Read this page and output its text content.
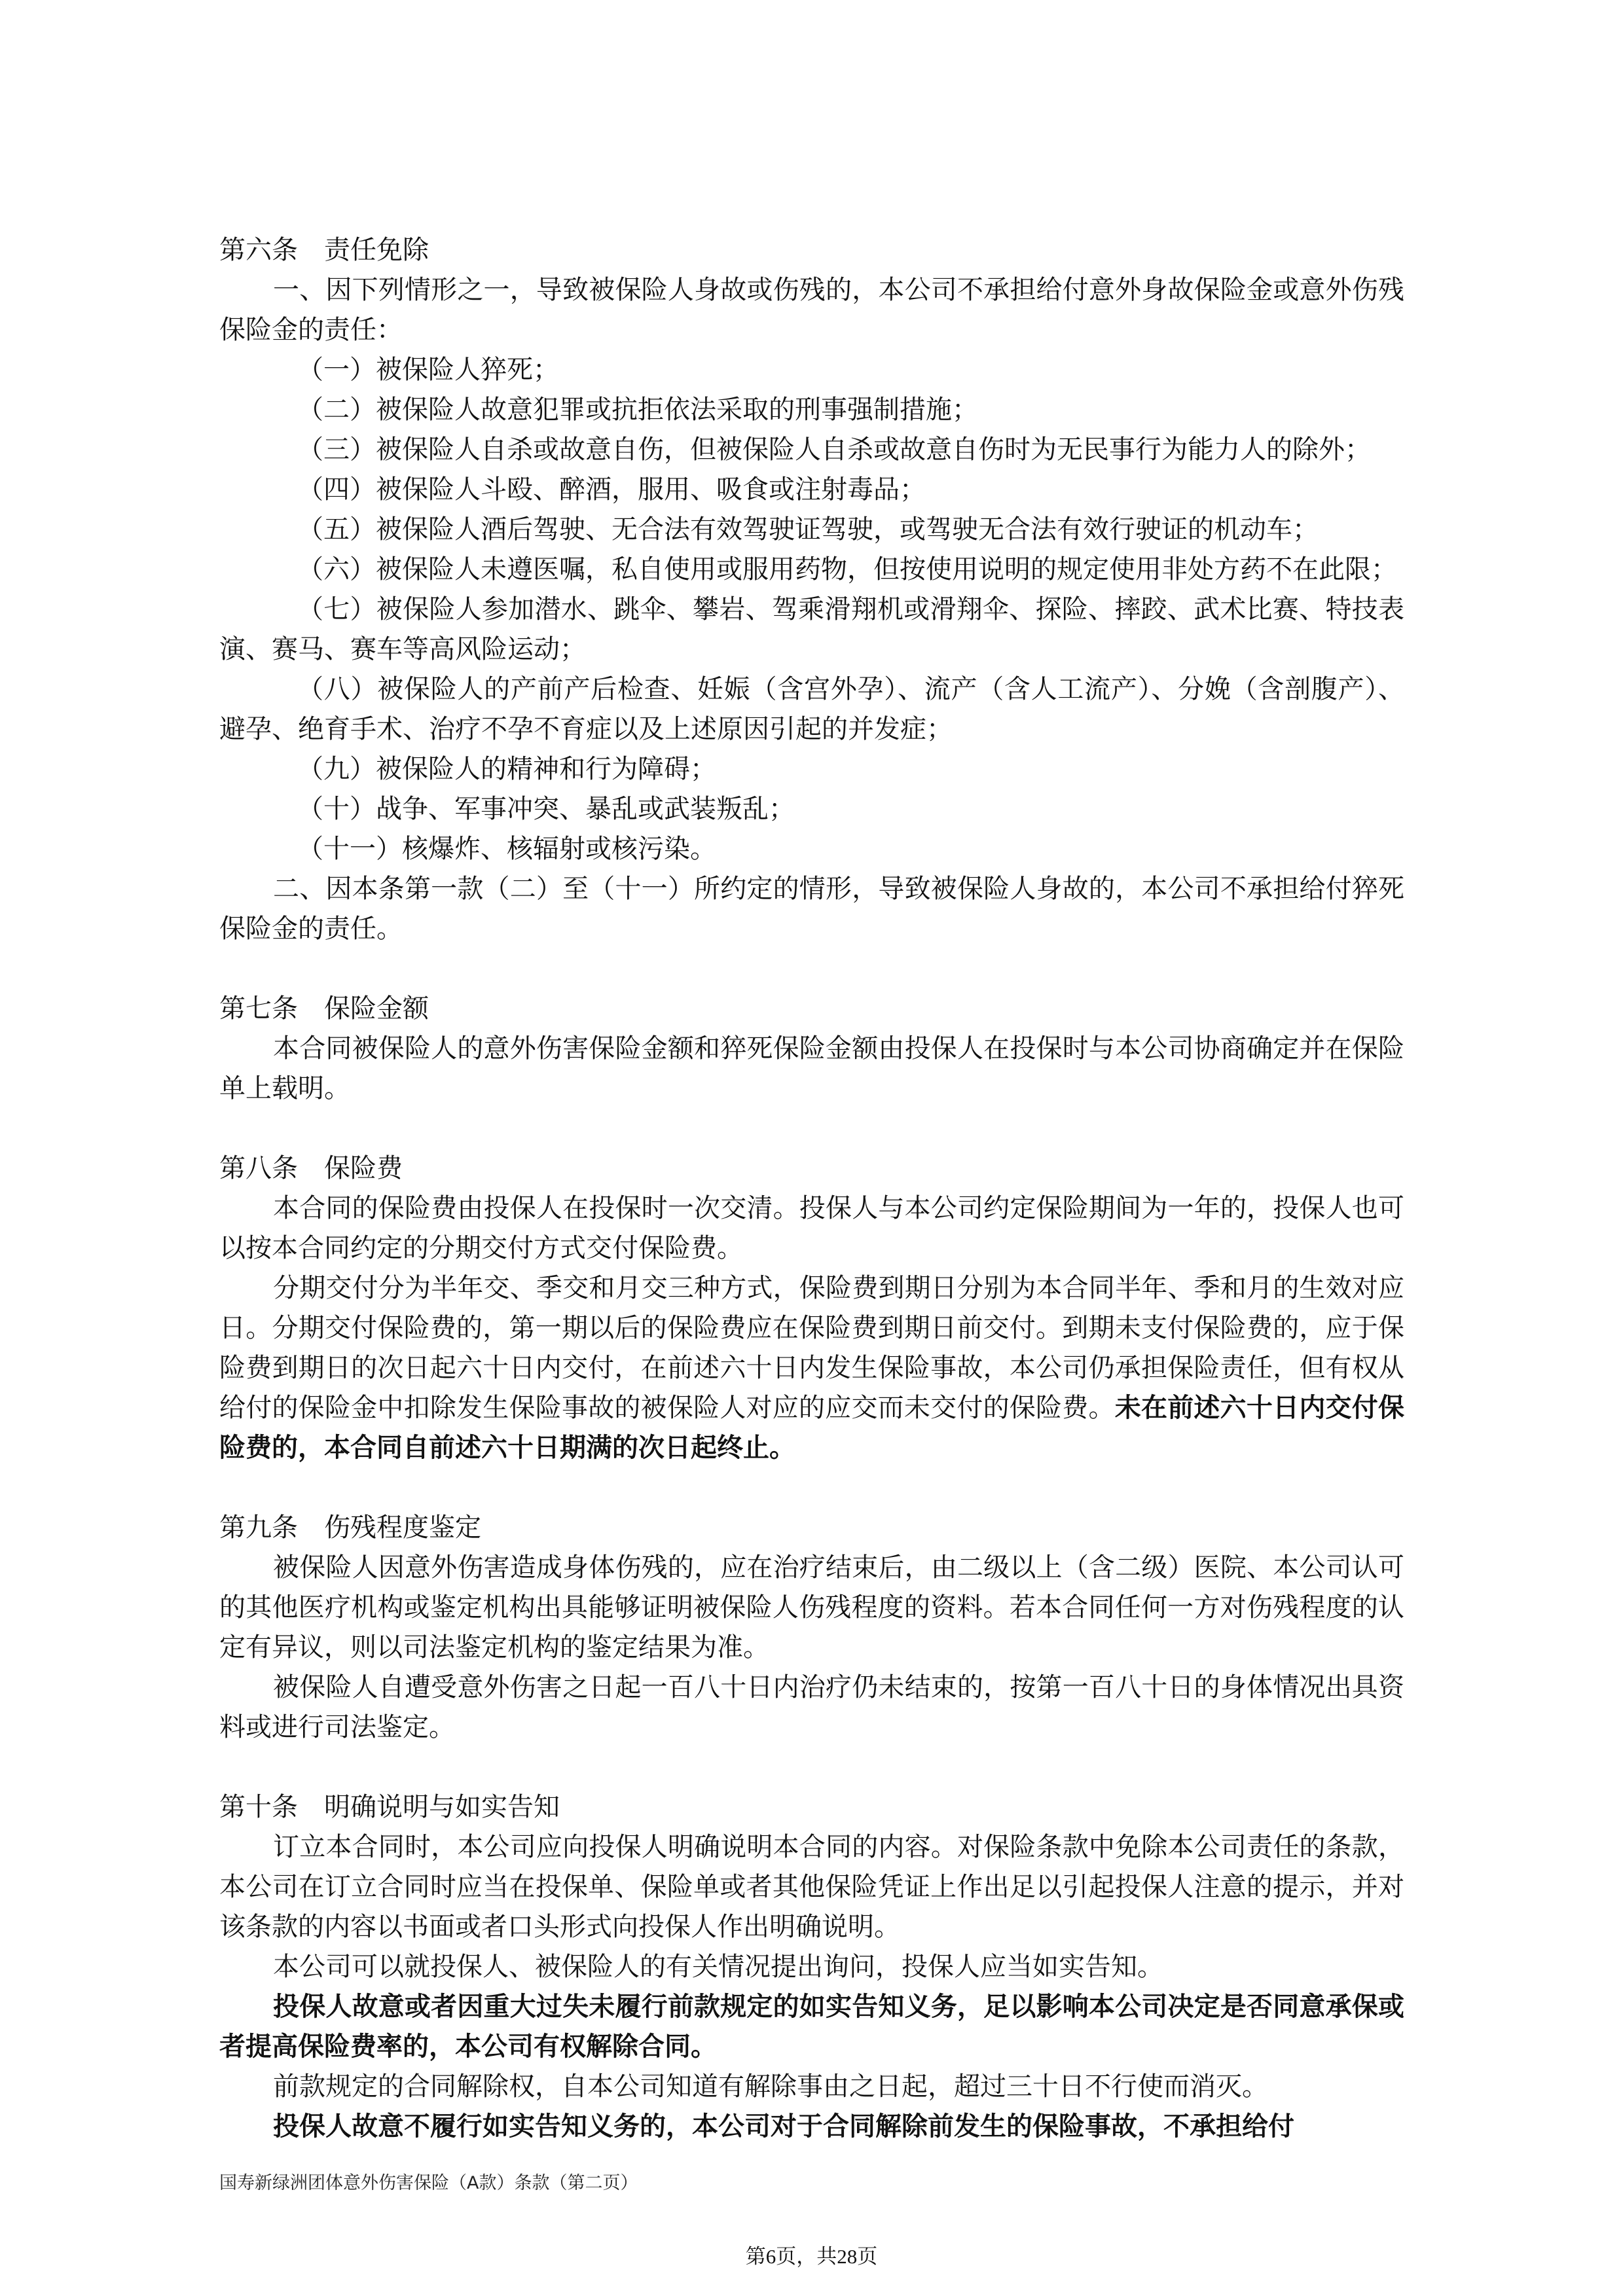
第六条　责任免除

一、因下列情形之一，导致被保险人身故或伤残的，本公司不承担给付意外身故保险金或意外伤残保险金的责任：

（一）被保险人猝死；

（二）被保险人故意犯罪或抗拒依法采取的刑事强制措施；

（三）被保险人自杀或故意自伤，但被保险人自杀或故意自伤时为无民事行为能力人的除外；

（四）被保险人斗殴、醉酒，服用、吸食或注射毒品；

（五）被保险人酒后驾驶、无合法有效驾驶证驾驶，或驾驶无合法有效行驶证的机动车；

（六）被保险人未遵医嘱，私自使用或服用药物，但按使用说明的规定使用非处方药不在此限；

（七）被保险人参加潜水、跳伞、攀岩、驾乘滑翔机或滑翔伞、探险、摔跤、武术比赛、特技表演、赛马、赛车等高风险运动；

（八）被保险人的产前产后检查、妊娠（含宫外孕）、流产（含人工流产）、分娩（含剖腹产）、避孕、绝育手术、治疗不孕不育症以及上述原因引起的并发症；

（九）被保险人的精神和行为障碍；

（十）战争、军事冲突、暴乱或武装叛乱；

（十一）核爆炸、核辐射或核污染。

二、因本条第一款（二）至（十一）所约定的情形，导致被保险人身故的，本公司不承担给付猝死保险金的责任。

第七条　保险金额

本合同被保险人的意外伤害保险金额和猝死保险金额由投保人在投保时与本公司协商确定并在保险单上载明。

第八条　保险费

本合同的保险费由投保人在投保时一次交清。投保人与本公司约定保险期间为一年的，投保人也可以按本合同约定的分期交付方式交付保险费。

分期交付分为半年交、季交和月交三种方式，保险费到期日分别为本合同半年、季和月的生效对应日。分期交付保险费的，第一期以后的保险费应在保险费到期日前交付。到期未支付保险费的，应于保险费到期日的次日起六十日内交付，在前述六十日内发生保险事故，本公司仍承担保险责任，但有权从给付的保险金中扣除发生保险事故的被保险人对应的应交而未交付的保险费。未在前述六十日内交付保险费的，本合同自前述六十日期满的次日起终止。

第九条　伤残程度鉴定

被保险人因意外伤害造成身体伤残的，应在治疗结束后，由二级以上（含二级）医院、本公司认可的其他医疗机构或鉴定机构出具能够证明被保险人伤残程度的资料。若本合同任何一方对伤残程度的认定有异议，则以司法鉴定机构的鉴定结果为准。

被保险人自遭受意外伤害之日起一百八十日内治疗仍未结束的，按第一百八十日的身体情况出具资料或进行司法鉴定。

第十条　明确说明与如实告知

订立本合同时，本公司应向投保人明确说明本合同的内容。对保险条款中免除本公司责任的条款，本公司在订立合同时应当在投保单、保险单或者其他保险凭证上作出足以引起投保人注意的提示，并对该条款的内容以书面或者口头形式向投保人作出明确说明。

本公司可以就投保人、被保险人的有关情况提出询问，投保人应当如实告知。

投保人故意或者因重大过失未履行前款规定的如实告知义务，足以影响本公司决定是否同意承保或者提高保险费率的，本公司有权解除合同。

前款规定的合同解除权，自本公司知道有解除事由之日起，超过三十日不行使而消灭。

投保人故意不履行如实告知义务的，本公司对于合同解除前发生的保险事故，不承担给付

国寿新绿洲团体意外伤害保险（A款）条款（第二页）
第6页，共28页
